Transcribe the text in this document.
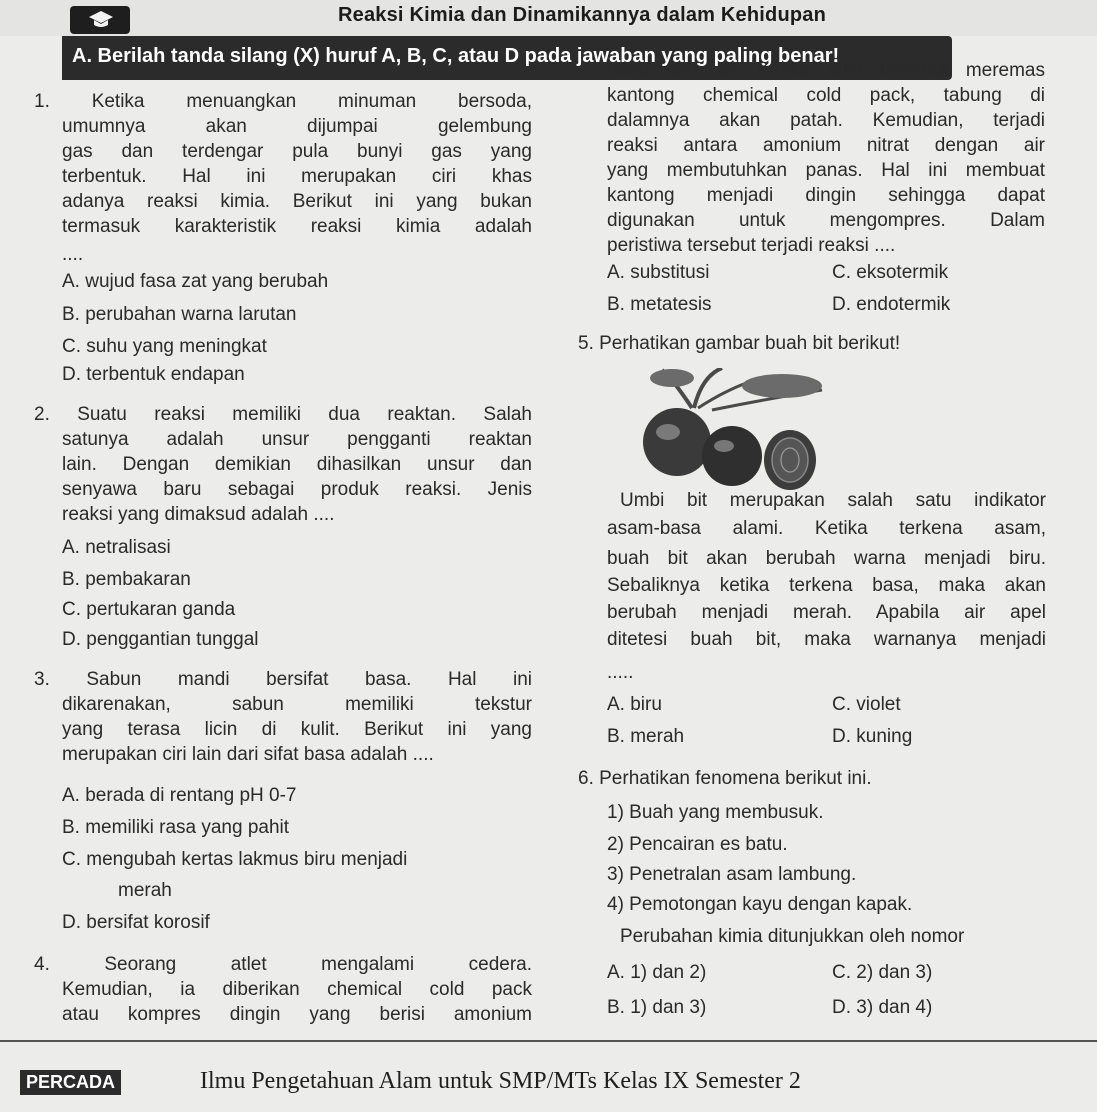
Reaksi Kimia dan Dinamikannya dalam Kehidupan
A. Berilah tanda silang (X) huruf A, B, C, atau D pada jawaban yang paling benar!
1. Ketika menuangkan minuman bersoda,
umumnya akan dijumpai gelembung
gas dan terdengar pula bunyi gas yang
terbentuk. Hal ini merupakan ciri khas
adanya reaksi kimia. Berikut ini yang bukan
termasuk karakteristik reaksi kimia adalah
....
A. wujud fasa zat yang berubah
B. perubahan warna larutan
C. suhu yang meningkat
D. terbentuk endapan
2. Suatu reaksi memiliki dua reaktan. Salah
satunya adalah unsur pengganti reaktan
lain. Dengan demikian dihasilkan unsur dan
senyawa baru sebagai produk reaksi. Jenis
reaksi yang dimaksud adalah ....
A. netralisasi
B. pembakaran
C. pertukaran ganda
D. penggantian tunggal
3. Sabun mandi bersifat basa. Hal ini
dikarenakan, sabun memiliki tekstur
yang terasa licin di kulit. Berikut ini yang
merupakan ciri lain dari sifat basa adalah ....
A. berada di rentang pH 0-7
B. memiliki rasa yang pahit
C. mengubah kertas lakmus biru menjadi
merah
D. bersifat korosif
4. Seorang atlet mengalami cedera.
Kemudian, ia diberikan chemical cold pack
atau kompres dingin yang berisi amonium
nitrat dan air. Ketika atlet tersebut meremas
kantong chemical cold pack, tabung di
dalamnya akan patah. Kemudian, terjadi
reaksi antara amonium nitrat dengan air
yang membutuhkan panas. Hal ini membuat
kantong menjadi dingin sehingga dapat
digunakan untuk mengompres. Dalam
peristiwa tersebut terjadi reaksi ....
A. substitusi
B. metatesis
C. eksotermik
D. endotermik
5. Perhatikan gambar buah bit berikut!
Umbi bit merupakan salah satu indikator
asam-basa alami. Ketika terkena asam,
buah bit akan berubah warna menjadi biru.
Sebaliknya ketika terkena basa, maka akan
berubah menjadi merah. Apabila air apel
ditetesi buah bit, maka warnanya menjadi
.....
A. biru
B. merah
C. violet
D. kuning
6. Perhatikan fenomena berikut ini.
1) Buah yang membusuk.
2) Pencairan es batu.
3) Penetralan asam lambung.
4) Pemotongan kayu dengan kapak.
Perubahan kimia ditunjukkan oleh nomor
A. 1) dan 2)
B. 1) dan 3)
C. 2) dan 3)
D. 3) dan 4)
PERCADA	Ilmu Pengetahuan Alam untuk SMP/MTs Kelas IX Semester 2
